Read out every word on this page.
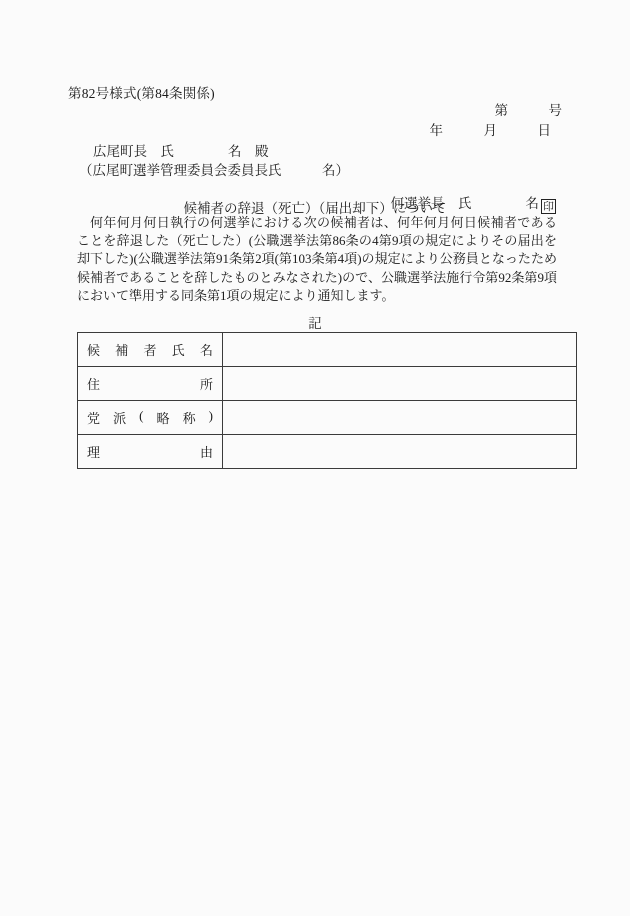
第82号様式(第84条関係)
第　　　号
年　　　月　　　日
広尾町長　氏　　　　名　殿
（広尾町選挙管理委員会委員長氏　　　名）

何選挙長　氏　　　　名 印

候補者の辞退（死亡）（届出却下）について
何年何月何日執行の何選挙における次の候補者は、何年何月何日候補者であることを辞退した（死亡した）(公職選挙法第86条の4第9項の規定によりその届出を却下した)(公職選挙法第91条第2項(第103条第4項)の規定により公務員となったため候補者であることを辞したものとみなされた)ので、公職選挙法施行令第92条第9項において準用する同条第1項の規定により通知します。
記
候 補 者 氏 名	

住 所	

党 派 ( 略 称 )

理 由	
